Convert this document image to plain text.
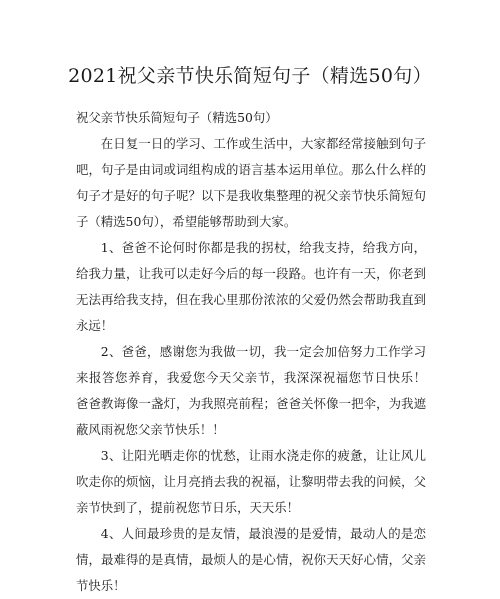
2021祝父亲节快乐简短句子（精选50句）

祝父亲节快乐简短句子（精选50句）

在日复一日的学习、工作或生活中，大家都经常接触到句子吧，句子是由词或词组构成的语言基本运用单位。那么什么样的句子才是好的句子呢？以下是我收集整理的祝父亲节快乐简短句子（精选50句），希望能够帮助到大家。

1、爸爸不论何时你都是我的拐杖，给我支持，给我方向，给我力量，让我可以走好今后的每一段路。也许有一天，你老到无法再给我支持，但在我心里那份浓浓的父爱仍然会帮助我直到永远！

2、爸爸，感谢您为我做一切，我一定会加倍努力工作学习来报答您养育，我爱您今天父亲节，我深深祝福您节日快乐！　爸爸教诲像一盏灯，为我照亮前程；爸爸关怀像一把伞，为我遮蔽风雨祝您父亲节快乐！！

3、让阳光晒走你的忧愁，让雨水浇走你的疲惫，让让风儿吹走你的烦恼，让月亮捎去我的祝福，让黎明带去我的问候，父亲节快到了，提前祝您节日乐，天天乐！

4、人间最珍贵的是友情，最浪漫的是爱情，最动人的是恋情，最难得的是真情，最烦人的是心情，祝你天天好心情，父亲节快乐！
